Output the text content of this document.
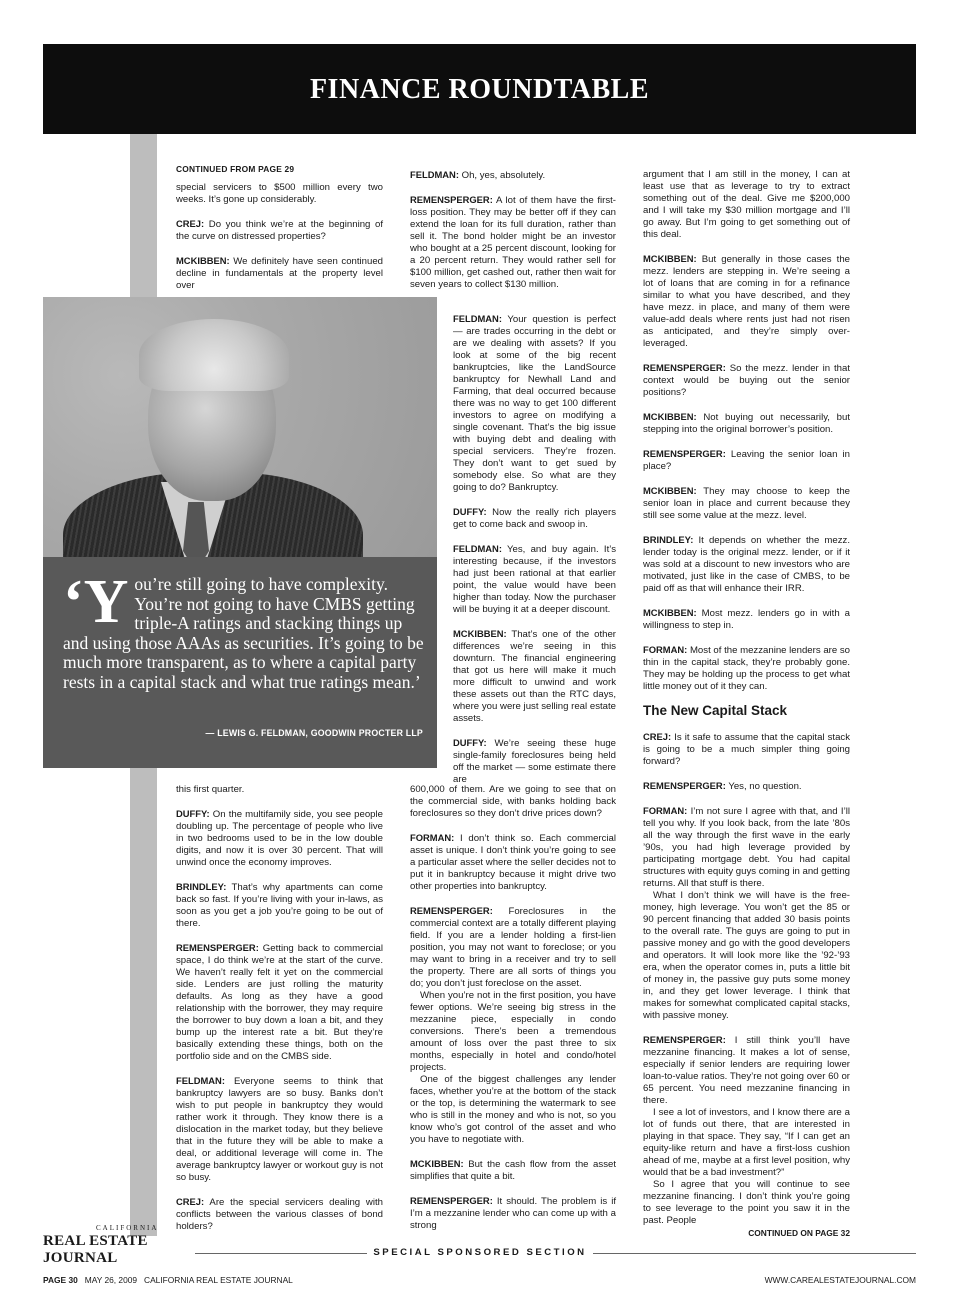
FINANCE ROUNDTABLE
CONTINUED FROM PAGE 29

special servicers to $500 million every two weeks. It’s gone up considerably.

CREJ: Do you think we’re at the beginning of the curve on distressed properties?

MCKIBBEN: We definitely have seen continued decline in fundamentals at the property level over

this first quarter.

DUFFY: On the multifamily side, you see people doubling up. The percentage of people who live in two bedrooms used to be in the low double digits, and now it is over 30 percent. That will unwind once the economy improves.

BRINDLEY: That’s why apartments can come back so fast. If you’re living with your in-laws, as soon as you get a job you’re going to be out of there.

REMENSPERGER: Getting back to commercial space, I do think we’re at the start of the curve. We haven’t really felt it yet on the commercial side. Lenders are just rolling the maturity defaults. As long as they have a good relationship with the borrower, they may require the borrower to buy down a loan a bit, and they bump up the interest rate a bit. But they’re basically extending these things, both on the portfolio side and on the CMBS side.

FELDMAN: Everyone seems to think that bankruptcy lawyers are so busy. Banks don’t wish to put people in bankruptcy they would rather work it through. They know there is a dislocation in the market today, but they believe that in the future they will be able to make a deal, or additional leverage will come in. The average bankruptcy lawyer or workout guy is not so busy.

CREJ: Are the special servicers dealing with conflicts between the various classes of bond holders?

FELDMAN: Oh, yes, absolutely.

REMENSPERGER: A lot of them have the first-loss position. They may be better off if they can extend the loan for its full duration, rather than sell it. The bond holder might be an investor who bought at a 25 percent discount, looking for a 20 percent return. They would rather sell for $100 million, get cashed out, rather then wait for seven years to collect $130 million.

FELDMAN: Your question is perfect — are trades occurring in the debt or are we dealing with assets? If you look at some of the big recent bankruptcies, like the LandSource bankruptcy for Newhall Land and Farming, that deal occurred because there was no way to get 100 different investors to agree on modifying a single covenant. That’s the big issue with buying debt and dealing with special servicers. They’re frozen. They don’t want to get sued by somebody else. So what are they going to do? Bankruptcy.

DUFFY: Now the really rich players get to come back and swoop in.

FELDMAN: Yes, and buy again. It’s interesting because, if the investors had just been rational at that earlier point, the value would have been higher than today. Now the purchaser will be buying it at a deeper discount.

MCKIBBEN: That’s one of the other differences we’re seeing in this downturn. The financial engineering that got us here will make it much more difficult to unwind and work these assets out than the RTC days, where you were just selling real estate assets.

DUFFY: We’re seeing these huge single-family foreclosures being held off the market — some estimate there are

600,000 of them. Are we going to see that on the commercial side, with banks holding back foreclosures so they don’t drive prices down?

FORMAN: I don’t think so. Each commercial asset is unique. I don’t think you’re going to see a particular asset where the seller decides not to put it in bankruptcy because it might drive two other properties into bankruptcy.

REMENSPERGER: Foreclosures in the commercial context are a totally different playing field. If you are a lender holding a first-lien position, you may not want to foreclose; or you may want to bring in a receiver and try to sell the property. There are all sorts of things you do; you don’t just foreclose on the asset.

When you’re not in the first position, you have fewer options. We’re seeing big stress in the mezzanine piece, especially in condo conversions. There’s been a tremendous amount of loss over the past three to six months, especially in hotel and condo/hotel projects.

One of the biggest challenges any lender faces, whether you’re at the bottom of the stack or the top, is determining the watermark to see who is still in the money and who is not, so you know who’s got control of the asset and who you have to negotiate with.

MCKIBBEN: But the cash flow from the asset simplifies that quite a bit.

REMENSPERGER: It should. The problem is if I’m a mezzanine lender who can come up with a strong

argument that I am still in the money, I can at least use that as leverage to try to extract something out of the deal. Give me $200,000 and I will take my $30 million mortgage and I’ll go away. But I’m going to get something out of this deal.

MCKIBBEN: But generally in those cases the mezz. lenders are stepping in. We’re seeing a lot of loans that are coming in for a refinance similar to what you have described, and they have mezz. in place, and many of them were value-add deals where rents just had not risen as anticipated, and they’re simply over-leveraged.

REMENSPERGER: So the mezz. lender in that context would be buying out the senior positions?

MCKIBBEN: Not buying out necessarily, but stepping into the original borrower’s position.

REMENSPERGER: Leaving the senior loan in place?

MCKIBBEN: They may choose to keep the senior loan in place and current because they still see some value at the mezz. level.

BRINDLEY: It depends on whether the mezz. lender today is the original mezz. lender, or if it was sold at a discount to new investors who are motivated, just like in the case of CMBS, to be paid off as that will enhance their IRR.

MCKIBBEN: Most mezz. lenders go in with a willingness to step in.

FORMAN: Most of the mezzanine lenders are so thin in the capital stack, they’re probably gone. They may be holding up the process to get what little money out of it they can.

The New Capital Stack

CREJ: Is it safe to assume that the capital stack is going to be a much simpler thing going forward?

REMENSPERGER: Yes, no question.

FORMAN: I’m not sure I agree with that, and I’ll tell you why. If you look back, from the late ’80s all the way through the first wave in the early ’90s, you had high leverage provided by participating mortgage debt. You had capital structures with equity guys coming in and getting returns. All that stuff is there.

What I don’t think we will have is the free-money, high leverage. You won’t get the 85 or 90 percent financing that added 30 basis points to the overall rate. The guys are going to put in passive money and go with the good developers and operators. It will look more like the ’92-’93 era, when the operator comes in, puts a little bit of money in, the passive guy puts some money in, and they get lower leverage. I think that makes for somewhat complicated capital stacks, with passive money.

REMENSPERGER: I still think you’ll have mezzanine financing. It makes a lot of sense, especially if senior lenders are requiring lower loan-to-value ratios. They’re not going over 60 or 65 percent. You need mezzanine financing in there.

I see a lot of investors, and I know there are a lot of funds out there, that are interested in playing in that space. They say, “If I can get an equity-like return and have a first-loss cushion ahead of me, maybe at a first level position, why would that be a bad investment?”

So I agree that you will continue to see mezzanine financing. I don’t think you’re going to see leverage to the point you saw it in the past. People

CONTINUED ON PAGE 32
‘You’re still going to have complexity. You’re not going to have CMBS getting triple-A ratings and stacking things up and using those AAAs as securities. It’s going to be much more transparent, as to where a capital party rests in a capital stack and what true ratings mean.’
— LEWIS G. FELDMAN, GOODWIN PROCTER LLP
CALIFORNIA
REAL ESTATE JOURNAL	SPECIAL SPONSORED SECTION
PAGE 30 MAY 26, 2009 CALIFORNIA REAL ESTATE JOURNAL	WWW.CAREALESTATEJOURNAL.COM
